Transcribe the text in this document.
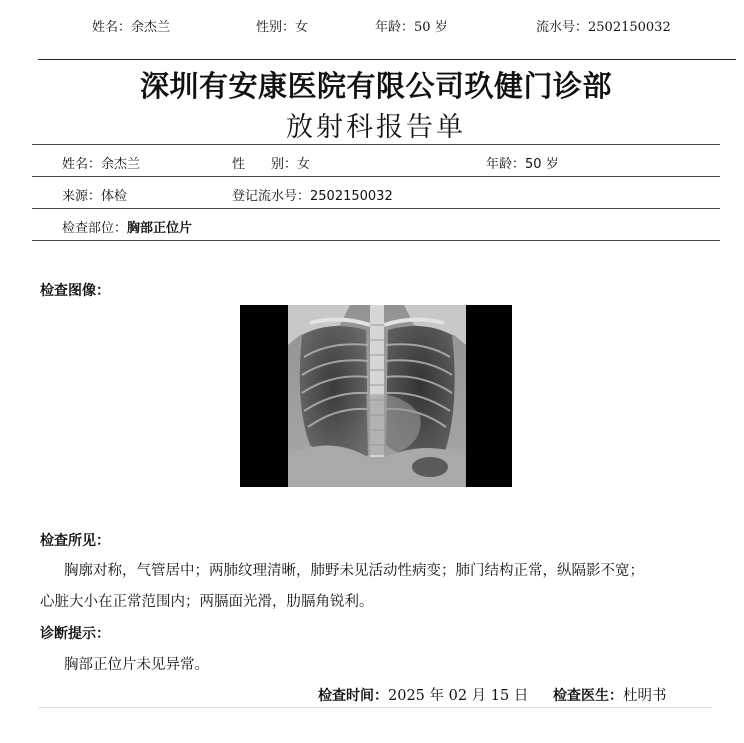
姓名：余杰兰	性别：女	年龄：50 岁	流水号：2502150032
深圳有安康医院有限公司玖健门诊部
放射科报告单
姓名：余杰兰	性　　别：女	年龄：50 岁
来源：体检	登记流水号：2502150032
检查部位：胸部正位片
检查图像：
检查所见：
胸廓对称，气管居中；两肺纹理清晰，肺野未见活动性病变；肺门结构正常，纵隔影不宽；
心脏大小在正常范围内；两膈面光滑，肋膈角锐利。
诊断提示：
胸部正位片未见异常。
检查时间：2025 年 02 月 15 日 检查医生：杜明书
